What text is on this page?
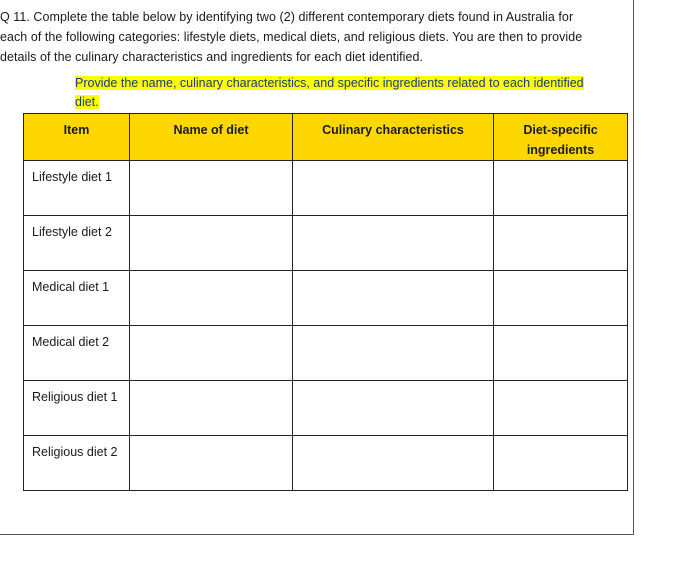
Q 11. Complete the table below by identifying two (2) different contemporary diets found in Australia for

each of the following categories: lifestyle diets, medical diets, and religious diets. You are then to provide

details of the culinary characteristics and ingredients for each diet identified.

Provide the name, culinary characteristics, and specific ingredients related to each identified

diet.

Item	Name of diet	Culinary characteristics	Diet-specific
ingredients
Lifestyle diet 1			
Lifestyle diet 2			
Medical diet 1			
Medical diet 2			
Religious diet 1			
Religious diet 2			
